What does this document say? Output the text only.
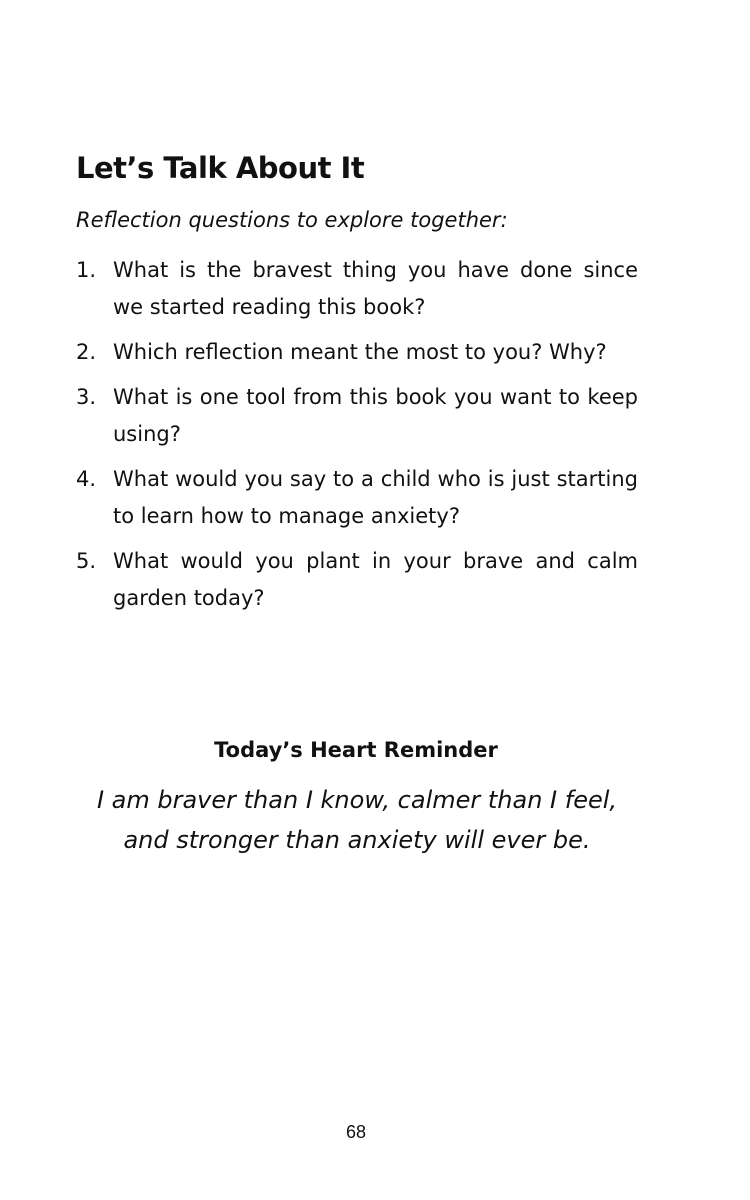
Let’s Talk About It

Reflection questions to explore together:

1. What is the bravest thing you have done since we started reading this book?
2. Which reflection meant the most to you? Why?
3. What is one tool from this book you want to keep using?
4. What would you say to a child who is just starting to learn how to manage anxiety?
5. What would you plant in your brave and calm garden today?
Today’s Heart Reminder

I am braver than I know, calmer than I feel, and stronger than anxiety will ever be.

68
